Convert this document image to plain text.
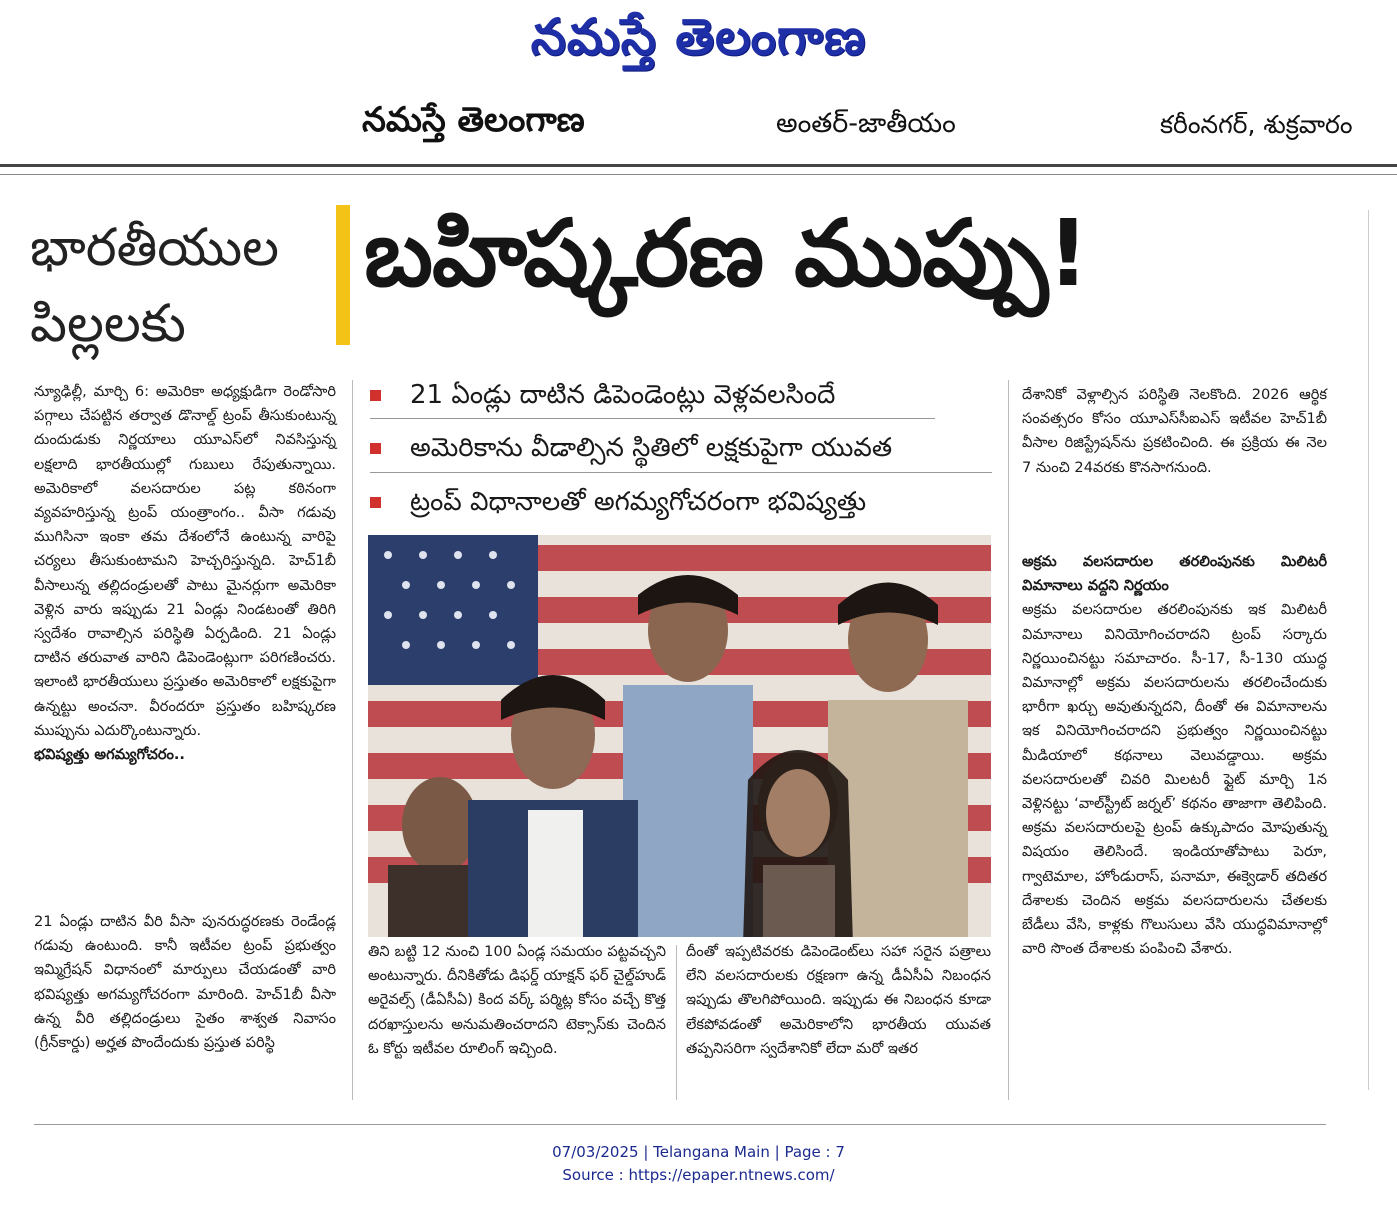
నమస్తే తెలంగాణ
నమస్తే తెలంగాణ	అంతర్-జాతీయం	కరీంనగర్, శుక్రవారం
భారతీయుల పిల్లలకు
బహిష్కరణ ముప్పు!
21 ఏండ్లు దాటిన డిపెండెంట్లు వెళ్లవలసిందే
అమెరికాను వీడాల్సిన స్థితిలో లక్షకుపైగా యువత
ట్రంప్ విధానాలతో అగమ్యగోచరంగా భవిష్యత్తు

న్యూఢిల్లీ, మార్చి 6: అమెరికా అధ్యక్షుడిగా రెండోసారి పగ్గాలు చేపట్టిన తర్వాత డొనాల్డ్ ట్రంప్ తీసుకుంటున్న దుందుడుకు నిర్ణయాలు యూఎస్‌లో నివసిస్తున్న లక్షలాది భారతీయుల్లో గుబులు రేపుతున్నాయి. అమెరికాలో వలసదారుల పట్ల కఠినంగా వ్యవహరిస్తున్న ట్రంప్ యంత్రాంగం.. వీసా గడువు ముగిసినా ఇంకా తమ దేశంలోనే ఉంటున్న వారిపై చర్యలు తీసుకుంటామని హెచ్చరిస్తున్నది. హెచ్1బీ వీసాలున్న తల్లిదండ్రులతో పాటు మైనర్లుగా అమెరికా వెళ్లిన వారు ఇప్పుడు 21 ఏండ్లు నిండటంతో తిరిగి స్వదేశం రావాల్సిన పరిస్థితి ఏర్పడింది. 21 ఏండ్లు దాటిన తరువాత వారిని డిపెండెంట్లుగా పరిగణించరు. ఇలాంటి భారతీయులు ప్రస్తుతం అమెరికాలో లక్షకుపైగా ఉన్నట్టు అంచనా. వీరందరూ ప్రస్తుతం బహిష్కరణ ముప్పును ఎదుర్కొంటున్నారు.

భవిష్యత్తు అగమ్యగోచరం..

21 ఏండ్లు దాటిన వీరి వీసా పునరుద్ధరణకు రెండేండ్ల గడువు ఉంటుంది. కానీ ఇటీవల ట్రంప్ ప్రభుత్వం ఇమ్మిగ్రేషన్ విధానంలో మార్పులు చేయడంతో వారి భవిష్యత్తు అగమ్యగోచరంగా మారింది. హెచ్1బీ వీసా ఉన్న వీరి తల్లిదండ్రులు సైతం శాశ్వత నివాసం (గ్రీన్‌కార్డు) అర్హత పొందేందుకు ప్రస్తుత పరిస్థి

తిని బట్టి 12 నుంచి 100 ఏండ్ల సమయం పట్టవచ్చని అంటున్నారు. దీనికితోడు డిఫర్డ్ యాక్షన్ ఫర్ చైల్డ్‌హుడ్ అరైవల్స్ (డీఏసీఏ) కింద వర్క్ పర్మిట్ల కోసం వచ్చే కొత్త దరఖాస్తులను అనుమతించరాదని టెక్సాస్‌కు చెందిన ఓ కోర్టు ఇటీవల రూలింగ్ ఇచ్చింది.

దీంతో ఇప్పటివరకు డిపెండెంట్‌లు సహా సరైన పత్రాలు లేని వలసదారులకు రక్షణగా ఉన్న డీఏసీఏ నిబంధన ఇప్పుడు తొలగిపోయింది. ఇప్పుడు ఈ నిబంధన కూడా లేకపోవడంతో అమెరికాలోని భారతీయ యువత తప్పనిసరిగా స్వదేశానికో లేదా మరో ఇతర

దేశానికో వెళ్లాల్సిన పరిస్థితి నెలకొంది. 2026 ఆర్థిక సంవత్సరం కోసం యూఎస్‌సీఐఎస్ ఇటీవల హెచ్1బీ వీసాల రిజిస్ట్రేషన్‌ను ప్రకటించింది. ఈ ప్రక్రియ ఈ నెల 7 నుంచి 24వరకు కొనసాగనుంది.

అక్రమ వలసదారుల తరలింపునకు మిలిటరీ విమానాలు వద్దని నిర్ణయం

అక్రమ వలసదారుల తరలింపునకు ఇక మిలిటరీ విమానాలు వినియోగించరాదని ట్రంప్ సర్కారు నిర్ణయించినట్టు సమాచారం. సీ-17, సీ-130 యుద్ధ విమానాల్లో అక్రమ వలసదారులను తరలించేందుకు భారీగా ఖర్చు అవుతున్నదని, దీంతో ఈ విమానాలను ఇక వినియోగించరాదని ప్రభుత్వం నిర్ణయించినట్టు మీడియాలో కథనాలు వెలువడ్డాయి. అక్రమ వలసదారులతో చివరి మిలటరీ ఫ్లైట్ మార్చి 1న వెళ్లినట్టు ‘వాల్‌స్ట్రీట్ జర్నల్’ కథనం తాజాగా తెలిపింది. అక్రమ వలసదారులపై ట్రంప్ ఉక్కుపాదం మోపుతున్న విషయం తెలిసిందే. ఇండియాతోపాటు పెరూ, గ్వాటెమాల, హోండురాస్, పనామా, ఈక్వెడార్ తదితర దేశాలకు చెందిన అక్రమ వలసదారులను చేతలకు బేడీలు వేసి, కాళ్లకు గొలుసులు వేసి యుద్ధవిమానాల్లో వారి సొంత దేశాలకు పంపించి వేశారు.

07/03/2025 | Telangana Main | Page : 7
Source : https://epaper.ntnews.com/
